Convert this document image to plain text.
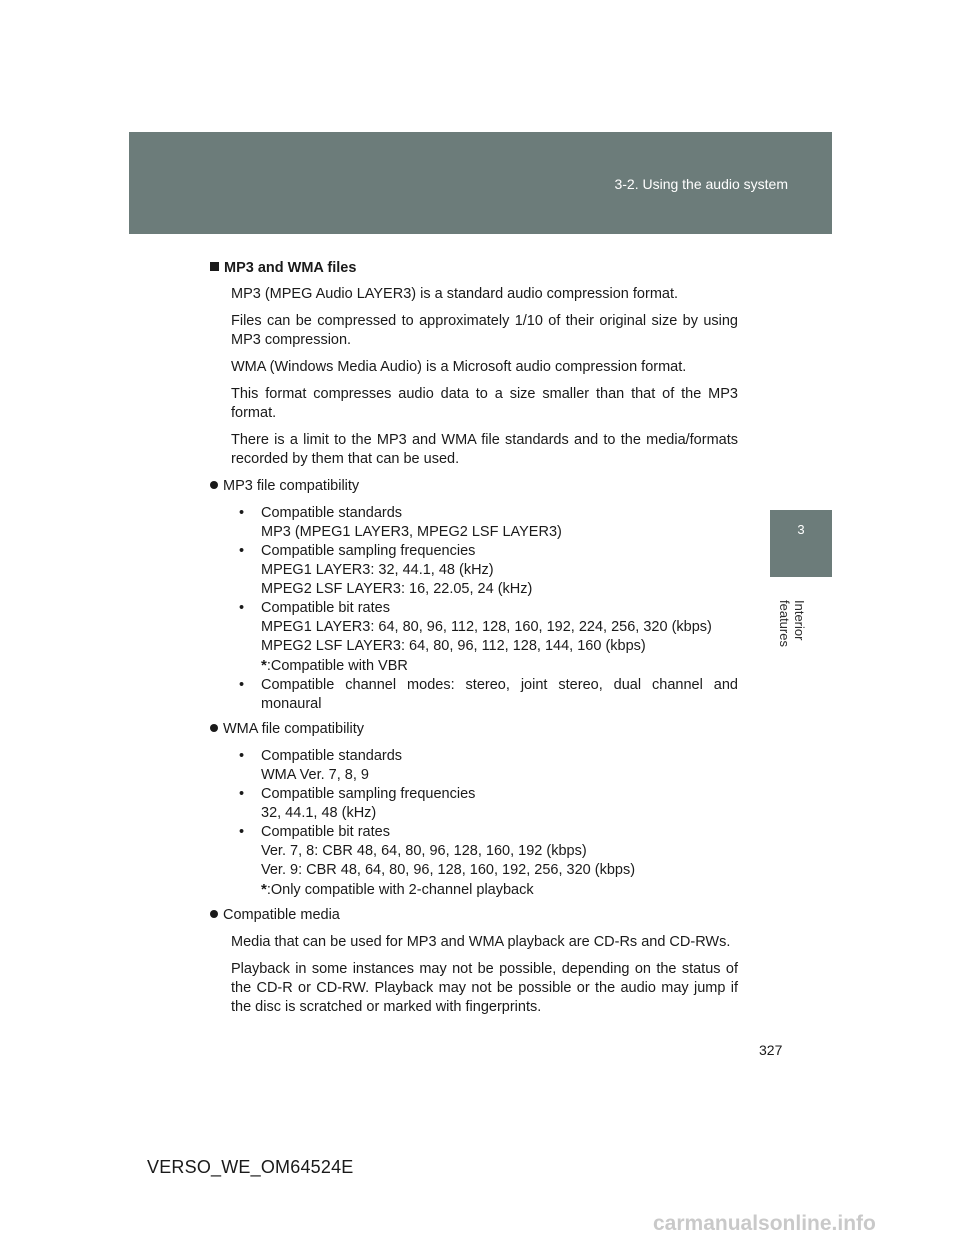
3-2. Using the audio system
3
Interior features
MP3 and WMA files

MP3 (MPEG Audio LAYER3) is a standard audio compression format.

Files can be compressed to approximately 1/10 of their original size by using MP3 compression.

WMA (Windows Media Audio) is a Microsoft audio compression format.

This format compresses audio data to a size smaller than that of the MP3 format.

There is a limit to the MP3 and WMA file standards and to the media/formats recorded by them that can be used.

MP3 file compatibility
• Compatible standards
MP3 (MPEG1 LAYER3, MPEG2 LSF LAYER3)
• Compatible sampling frequencies
MPEG1 LAYER3: 32, 44.1, 48 (kHz)
MPEG2 LSF LAYER3: 16, 22.05, 24 (kHz)
• Compatible bit rates
MPEG1 LAYER3: 64, 80, 96, 112, 128, 160, 192, 224, 256, 320 (kbps)
MPEG2 LSF LAYER3: 64, 80, 96, 112, 128, 144, 160 (kbps)
*:Compatible with VBR
• Compatible channel modes: stereo, joint stereo, dual channel and monaural
WMA file compatibility
• Compatible standards
WMA Ver. 7, 8, 9
• Compatible sampling frequencies
32, 44.1, 48 (kHz)
• Compatible bit rates
Ver. 7, 8: CBR 48, 64, 80, 96, 128, 160, 192 (kbps)
Ver. 9: CBR 48, 64, 80, 96, 128, 160, 192, 256, 320 (kbps)
*:Only compatible with 2-channel playback
Compatible media

Media that can be used for MP3 and WMA playback are CD-Rs and CD-RWs.

Playback in some instances may not be possible, depending on the status of the CD-R or CD-RW. Playback may not be possible or the audio may jump if the disc is scratched or marked with fingerprints.

327
VERSO_WE_OM64524E
carmanualsonline.info
